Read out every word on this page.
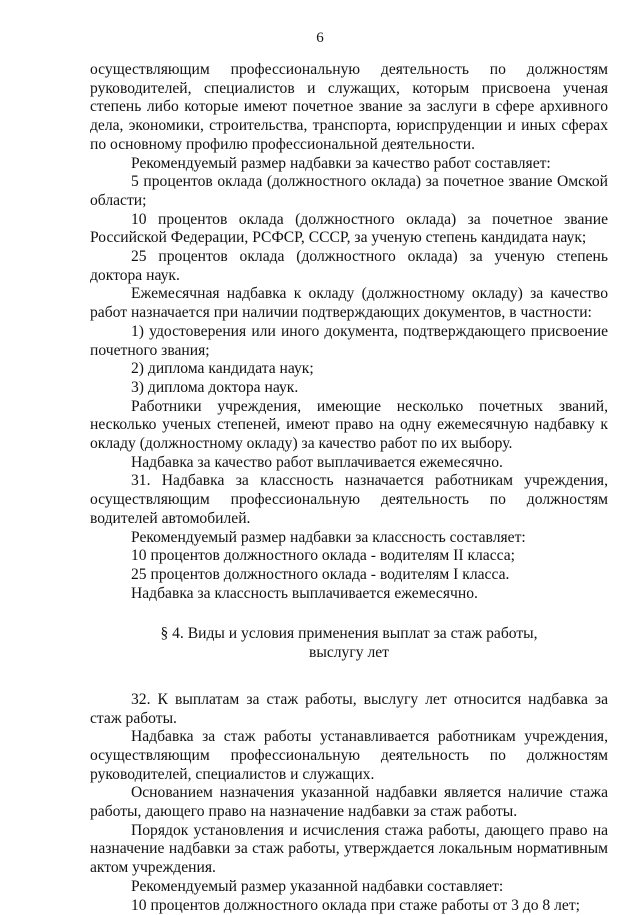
6

осуществляющим профессиональную деятельность по должностям руководителей, специалистов и служащих, которым присвоена ученая степень либо которые имеют почетное звание за заслуги в сфере архивного дела, экономики, строительства, транспорта, юриспруденции и иных сферах по основному профилю профессиональной деятельности.

Рекомендуемый размер надбавки за качество работ составляет:

5 процентов оклада (должностного оклада) за почетное звание Омской области;

10 процентов оклада (должностного оклада) за почетное звание Российской Федерации, РСФСР, СССР, за ученую степень кандидата наук;

25 процентов оклада (должностного оклада) за ученую степень доктора наук.

Ежемесячная надбавка к окладу (должностному окладу) за качество работ назначается при наличии подтверждающих документов, в частности:

1) удостоверения или иного документа, подтверждающего присвоение почетного звания;

2) диплома кандидата наук;

3) диплома доктора наук.

Работники учреждения, имеющие несколько почетных званий, несколько ученых степеней, имеют право на одну ежемесячную надбавку к окладу (должностному окладу) за качество работ по их выбору.

Надбавка за качество работ выплачивается ежемесячно.

31. Надбавка за классность назначается работникам учреждения, осуществляющим профессиональную деятельность по должностям водителей автомобилей.

Рекомендуемый размер надбавки за классность составляет:

10 процентов должностного оклада - водителям II класса;

25 процентов должностного оклада - водителям I класса.

Надбавка за классность выплачивается ежемесячно.

§ 4. Виды и условия применения выплат за стаж работы,
выслугу лет

32. К выплатам за стаж работы, выслугу лет относится надбавка за стаж работы.

Надбавка за стаж работы устанавливается работникам учреждения, осуществляющим профессиональную деятельность по должностям руководителей, специалистов и служащих.

Основанием назначения указанной надбавки является наличие стажа работы, дающего право на назначение надбавки за стаж работы.

Порядок установления и исчисления стажа работы, дающего право на назначение надбавки за стаж работы, утверждается локальным нормативным актом учреждения.

Рекомендуемый размер указанной надбавки составляет:

10 процентов должностного оклада при стаже работы от 3 до 8 лет;
